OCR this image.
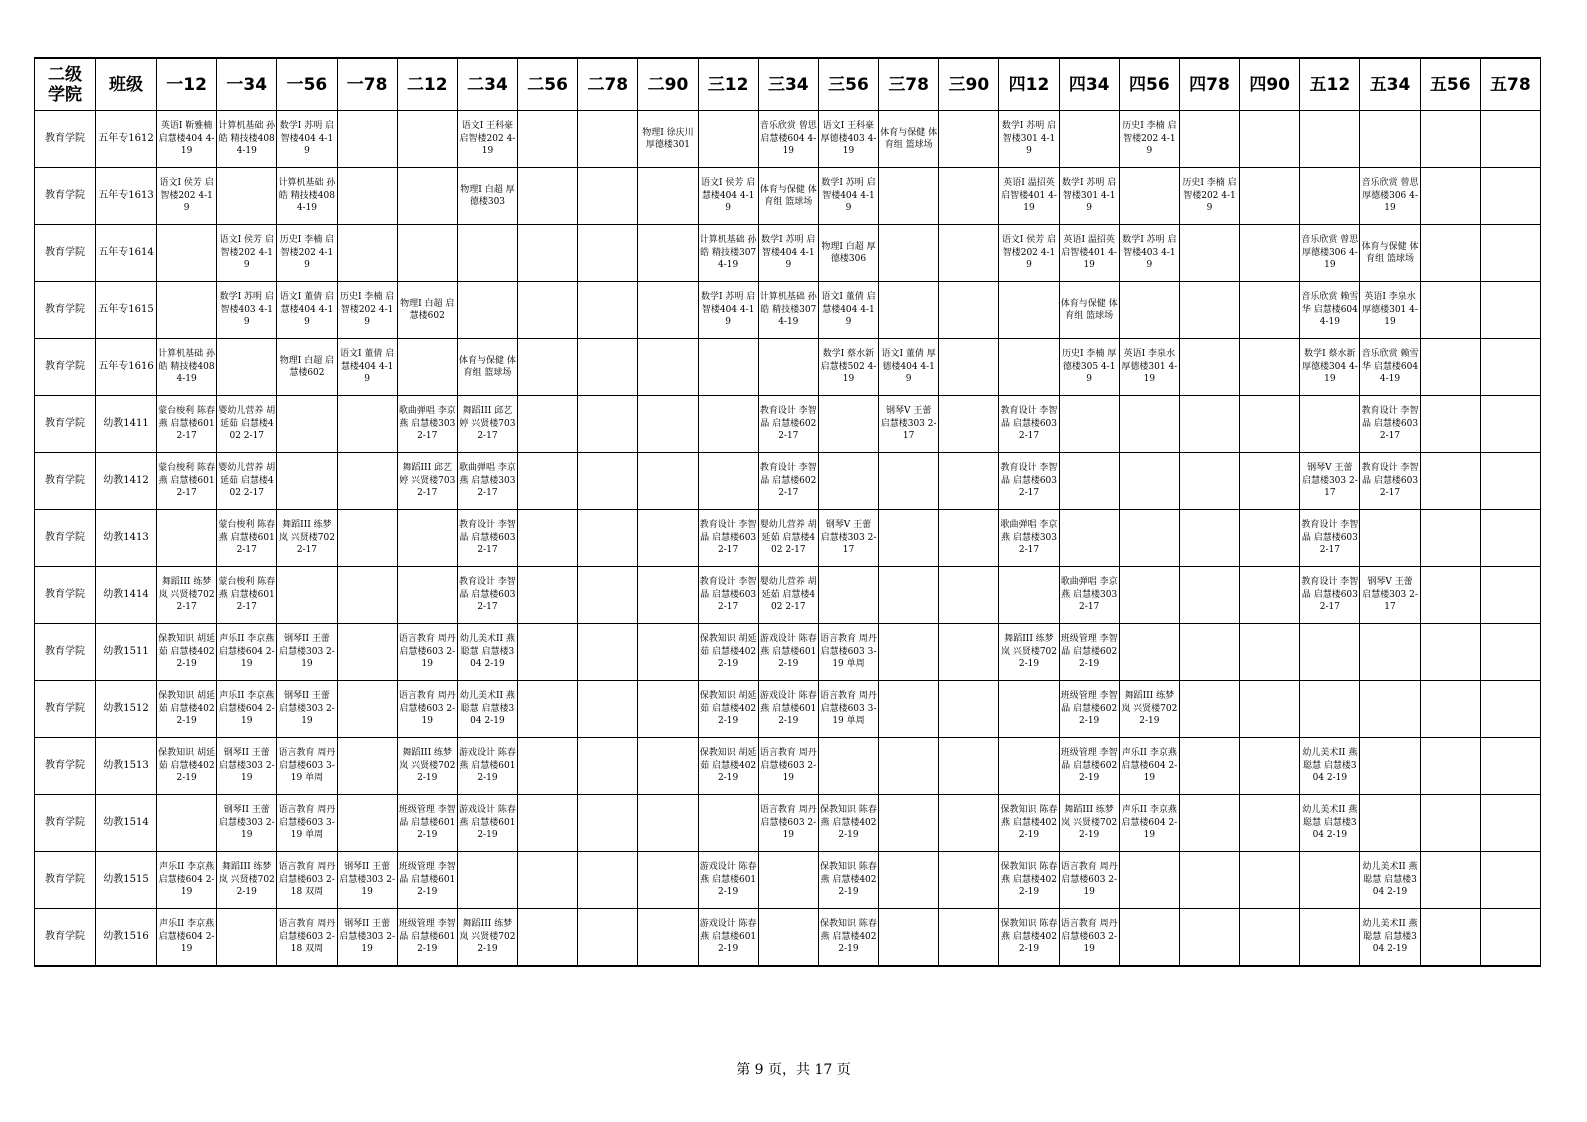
二级
学院	班级	一12	一34	一56	一78	二12	二34	二56	二78	二90	三12	三34	三56	三78	三90	四12	四34	四56	四78	四90	五12	五34	五56	五78

教育学院	五年专1612	英语Ⅰ 靳雅楠 启慧楼404 4-19	计算机基础 孙皓 精技楼408 4-19	数学Ⅰ 苏明 启智楼404 4-19			语文Ⅰ 王科豪 启智楼202 4-19			物理Ⅰ 徐庆川 厚德楼301		音乐欣赏 曾思 启慧楼604 4-19	语文Ⅰ 王科豪 厚德楼403 4-19	体育与保健 体育组 篮球场		数学Ⅰ 苏明 启智楼301 4-19		历史Ⅰ 李楠 启智楼202 4-19						

教育学院	五年专1613	语文Ⅰ 侯芳 启智楼202 4-19		计算机基础 孙皓 精技楼408 4-19			物理Ⅰ 白超 厚德楼303				语文Ⅰ 侯芳 启慧楼404 4-19	体育与保健 体育组 篮球场	数学Ⅰ 苏明 启智楼404 4-19			英语Ⅰ 温招英 启智楼401 4-19	数学Ⅰ 苏明 启智楼301 4-19		历史Ⅰ 李楠 启智楼202 4-19			音乐欣赏 曾思 厚德楼306 4-19		

教育学院	五年专1614		语文Ⅰ 侯芳 启智楼202 4-19	历史Ⅰ 李楠 启智楼202 4-19							计算机基础 孙皓 精技楼307 4-19	数学Ⅰ 苏明 启智楼404 4-19	物理Ⅰ 白超 厚德楼306			语文Ⅰ 侯芳 启智楼202 4-19	英语Ⅰ 温招英 启智楼401 4-19	数学Ⅰ 苏明 启智楼403 4-19			音乐欣赏 曾思 厚德楼306 4-19	体育与保健 体育组 篮球场		

教育学院	五年专1615		数学Ⅰ 苏明 启智楼403 4-19	语文Ⅰ 董倩 启慧楼404 4-19	历史Ⅰ 李楠 启智楼202 4-19	物理Ⅰ 白超 启慧楼602					数学Ⅰ 苏明 启智楼404 4-19	计算机基础 孙皓 精技楼307 4-19	语文Ⅰ 董倩 启慧楼404 4-19				体育与保健 体育组 篮球场				音乐欣赏 赖雪华 启慧楼604 4-19	英语Ⅰ 李泉水 厚德楼301 4-19		

教育学院	五年专1616	计算机基础 孙皓 精技楼408 4-19		物理Ⅰ 白超 启慧楼602	语文Ⅰ 董倩 启慧楼404 4-19		体育与保健 体育组 篮球场						数学Ⅰ 蔡水新 启慧楼502 4-19	语文Ⅰ 董倩 厚德楼404 4-19			历史Ⅰ 李楠 厚德楼305 4-19	英语Ⅰ 李泉水 厚德楼301 4-19			数学Ⅰ 蔡水新 厚德楼304 4-19	音乐欣赏 赖雪华 启慧楼604 4-19		

教育学院	幼教1411	蒙台梭利 陈春燕 启慧楼601 2-17	婴幼儿营养 胡延茹 启慧楼402 2-17			歌曲弹唱 李京燕 启慧楼303 2-17	舞蹈III 邱艺婷 兴贤楼703 2-17					教育设计 李智晶 启慧楼602 2-17		钢琴V 王蕾 启慧楼303 2-17		教育设计 李智晶 启慧楼603 2-17						教育设计 李智晶 启慧楼603 2-17		

教育学院	幼教1412	蒙台梭利 陈春燕 启慧楼601 2-17	婴幼儿营养 胡延茹 启慧楼402 2-17			舞蹈III 邱艺婷 兴贤楼703 2-17	歌曲弹唱 李京燕 启慧楼303 2-17					教育设计 李智晶 启慧楼602 2-17				教育设计 李智晶 启慧楼603 2-17					钢琴V 王蕾 启慧楼303 2-17	教育设计 李智晶 启慧楼603 2-17		

教育学院	幼教1413		蒙台梭利 陈春燕 启慧楼601 2-17	舞蹈III 练梦岚 兴贤楼702 2-17			教育设计 李智晶 启慧楼603 2-17				教育设计 李智晶 启慧楼603 2-17	婴幼儿营养 胡延茹 启慧楼402 2-17	钢琴V 王蕾 启慧楼303 2-17			歌曲弹唱 李京燕 启慧楼303 2-17					教育设计 李智晶 启慧楼603 2-17			

教育学院	幼教1414	舞蹈III 练梦岚 兴贤楼702 2-17	蒙台梭利 陈春燕 启慧楼601 2-17				教育设计 李智晶 启慧楼603 2-17				教育设计 李智晶 启慧楼603 2-17	婴幼儿营养 胡延茹 启慧楼402 2-17					歌曲弹唱 李京燕 启慧楼303 2-17				教育设计 李智晶 启慧楼603 2-17	钢琴V 王蕾 启慧楼303 2-17		

教育学院	幼教1511	保教知识 胡延茹 启慧楼402 2-19	声乐II 李京燕 启慧楼604 2-19	钢琴II 王蕾 启慧楼303 2-19		语言教育 周丹 启慧楼603 2-19	幼儿美术II 燕聪慧 启慧楼304 2-19				保教知识 胡延茹 启慧楼402 2-19	游戏设计 陈春燕 启慧楼601 2-19	语言教育 周丹 启慧楼603 3-19 单周			舞蹈III 练梦岚 兴贤楼702 2-19	班级管理 李智晶 启慧楼602 2-19							

教育学院	幼教1512	保教知识 胡延茹 启慧楼402 2-19	声乐II 李京燕 启慧楼604 2-19	钢琴II 王蕾 启慧楼303 2-19		语言教育 周丹 启慧楼603 2-19	幼儿美术II 燕聪慧 启慧楼304 2-19				保教知识 胡延茹 启慧楼402 2-19	游戏设计 陈春燕 启慧楼601 2-19	语言教育 周丹 启慧楼603 3-19 单周				班级管理 李智晶 启慧楼602 2-19	舞蹈III 练梦岚 兴贤楼702 2-19						

教育学院	幼教1513	保教知识 胡延茹 启慧楼402 2-19	钢琴II 王蕾 启慧楼303 2-19	语言教育 周丹 启慧楼603 3-19 单周		舞蹈III 练梦岚 兴贤楼702 2-19	游戏设计 陈春燕 启慧楼601 2-19				保教知识 胡延茹 启慧楼402 2-19	语言教育 周丹 启慧楼603 2-19					班级管理 李智晶 启慧楼602 2-19	声乐II 李京燕 启慧楼604 2-19			幼儿美术II 燕聪慧 启慧楼304 2-19			

教育学院	幼教1514		钢琴II 王蕾 启慧楼303 2-19	语言教育 周丹 启慧楼603 3-19 单周		班级管理 李智晶 启慧楼601 2-19	游戏设计 陈春燕 启慧楼601 2-19					语言教育 周丹 启慧楼603 2-19	保教知识 陈春燕 启慧楼402 2-19			保教知识 陈春燕 启慧楼402 2-19	舞蹈III 练梦岚 兴贤楼702 2-19	声乐II 李京燕 启慧楼604 2-19			幼儿美术II 燕聪慧 启慧楼304 2-19			

教育学院	幼教1515	声乐II 李京燕 启慧楼604 2-19	舞蹈III 练梦岚 兴贤楼702 2-19	语言教育 周丹 启慧楼603 2-18 双周	钢琴II 王蕾 启慧楼303 2-19	班级管理 李智晶 启慧楼601 2-19					游戏设计 陈春燕 启慧楼601 2-19		保教知识 陈春燕 启慧楼402 2-19			保教知识 陈春燕 启慧楼402 2-19	语言教育 周丹 启慧楼603 2-19					幼儿美术II 燕聪慧 启慧楼304 2-19		

教育学院	幼教1516	声乐II 李京燕 启慧楼604 2-19		语言教育 周丹 启慧楼603 2-18 双周	钢琴II 王蕾 启慧楼303 2-19	班级管理 李智晶 启慧楼601 2-19	舞蹈III 练梦岚 兴贤楼702 2-19				游戏设计 陈春燕 启慧楼601 2-19		保教知识 陈春燕 启慧楼402 2-19			保教知识 陈春燕 启慧楼402 2-19	语言教育 周丹 启慧楼603 2-19					幼儿美术II 燕聪慧 启慧楼304 2-19		

第 9 页，共 17 页
